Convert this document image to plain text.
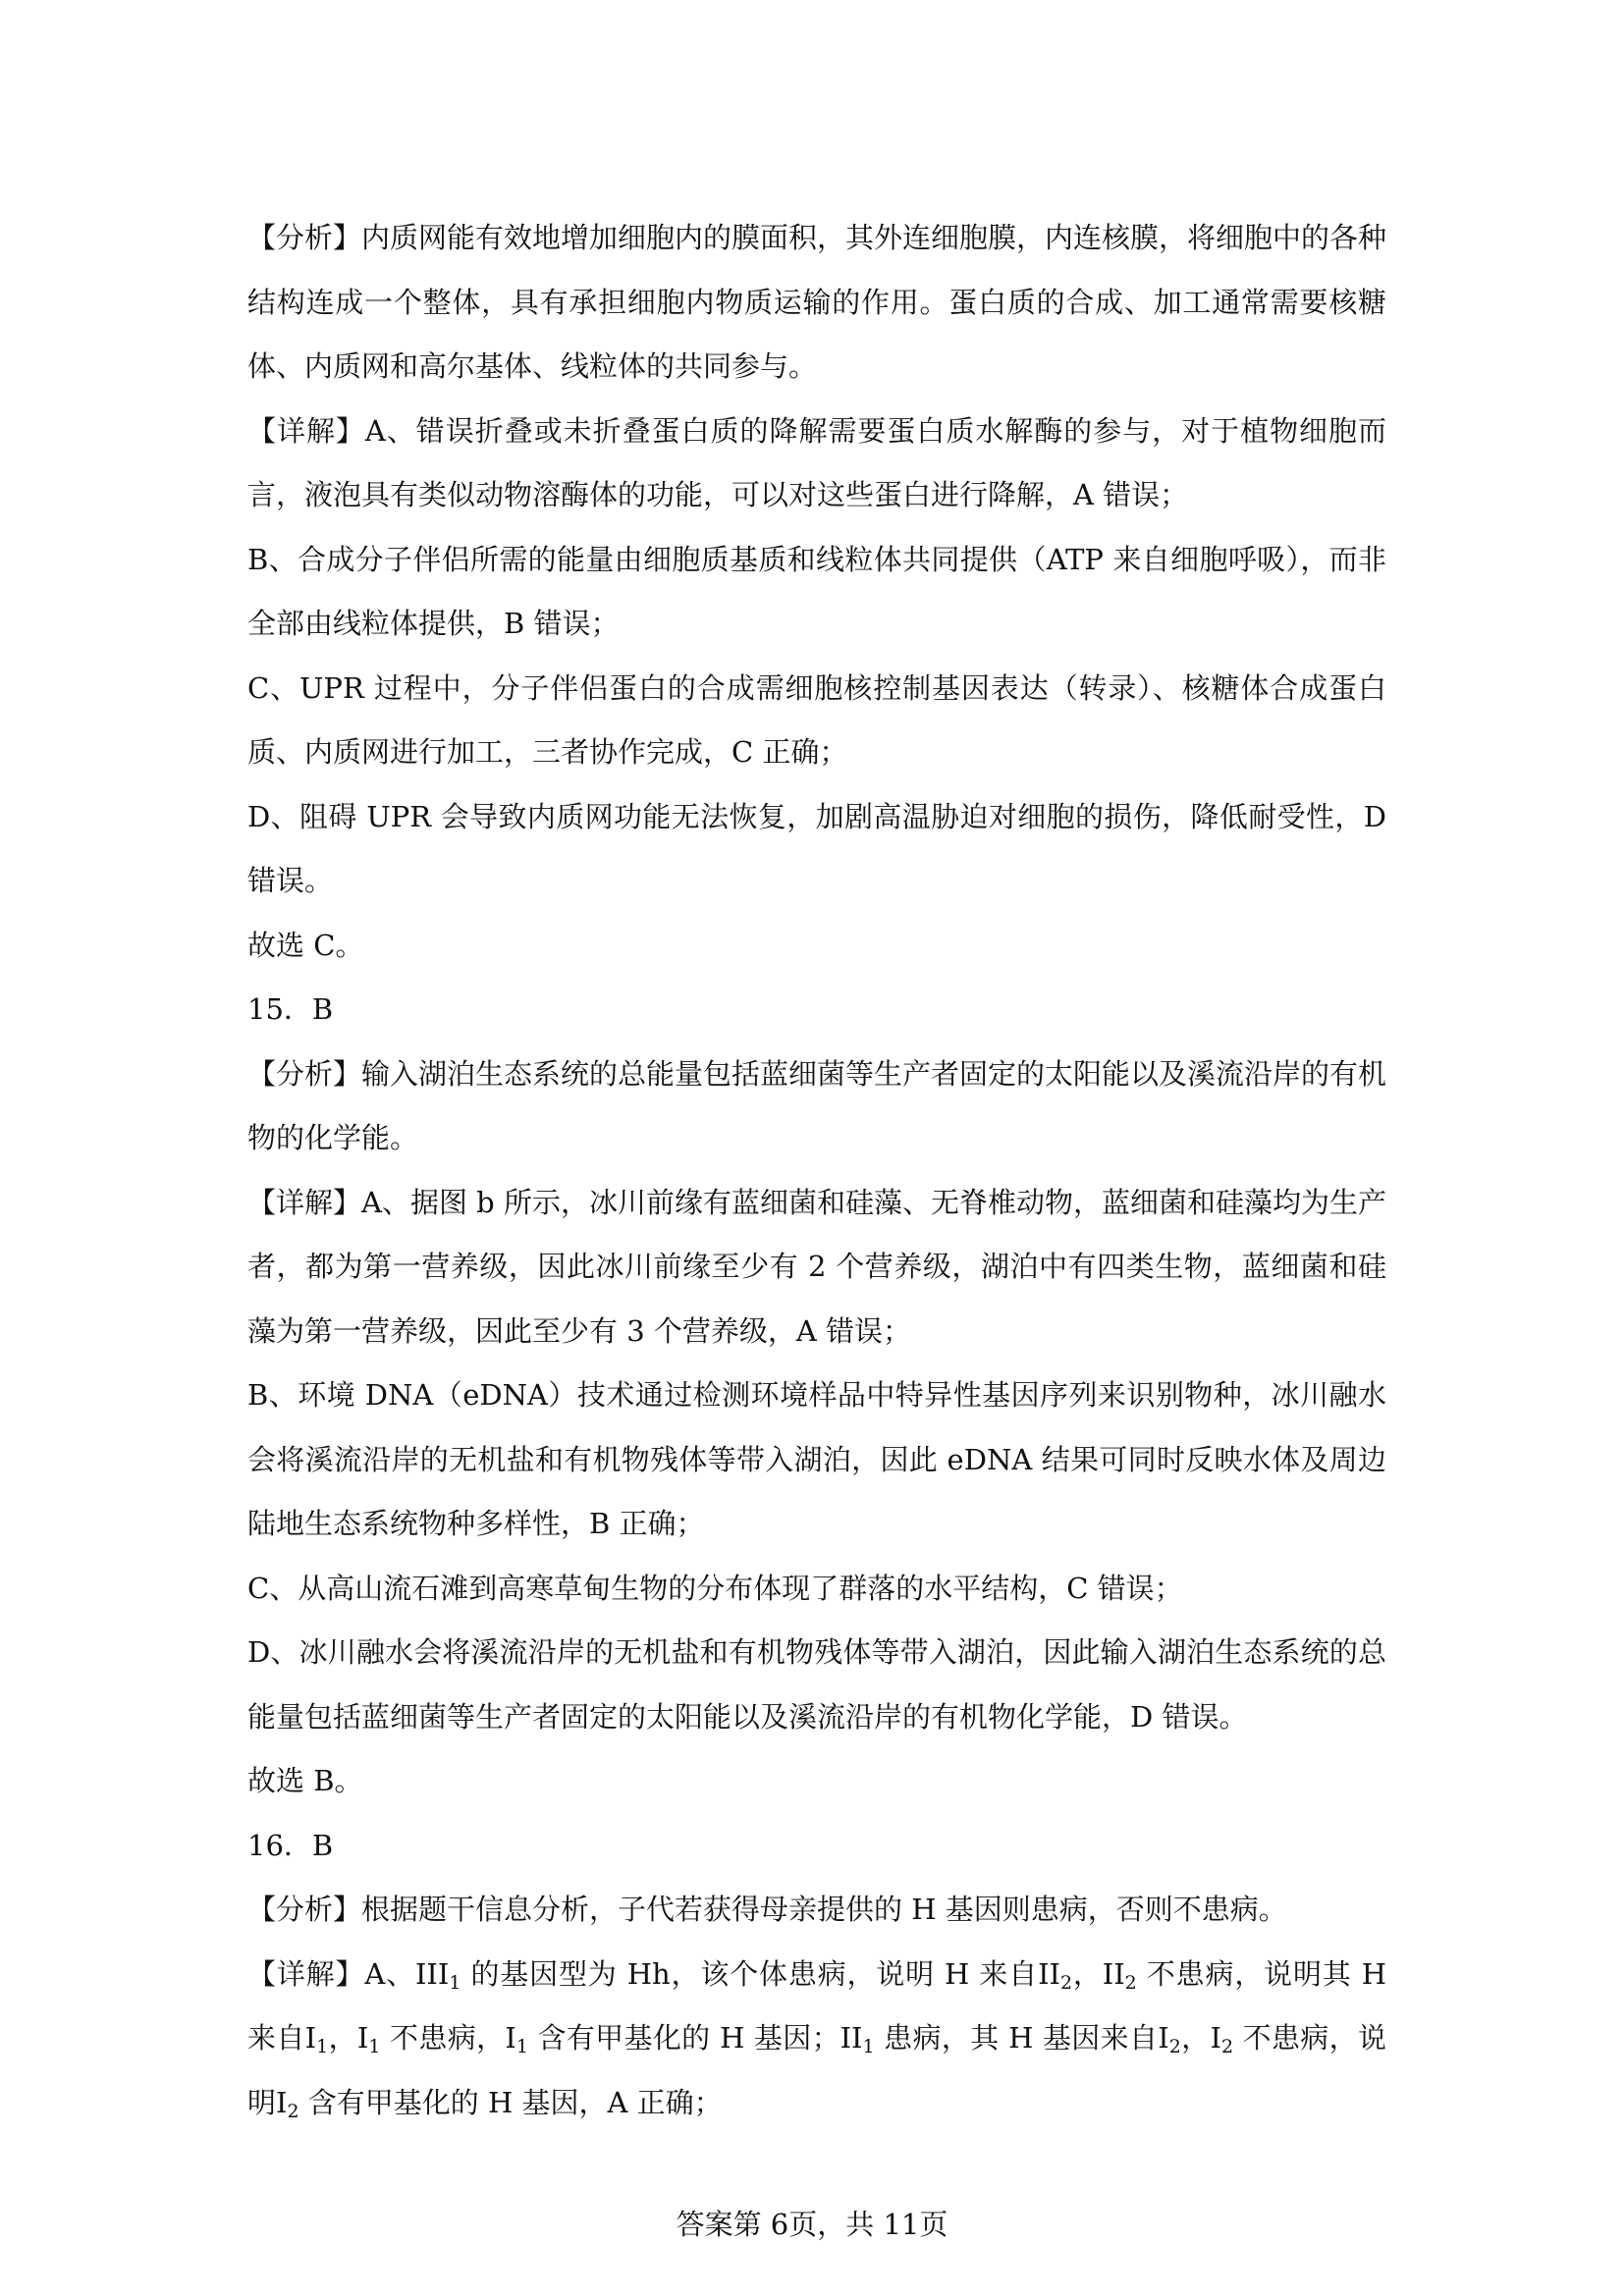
【分析】内质网能有效地增加细胞内的膜面积，其外连细胞膜，内连核膜，将细胞中的各种结构连成一个整体，具有承担细胞内物质运输的作用。蛋白质的合成、加工通常需要核糖体、内质网和高尔基体、线粒体的共同参与。

【详解】A、错误折叠或未折叠蛋白质的降解需要蛋白质水解酶的参与，对于植物细胞而言，液泡具有类似动物溶酶体的功能，可以对这些蛋白进行降解，A 错误；

B、合成分子伴侣所需的能量由细胞质基质和线粒体共同提供（ATP 来自细胞呼吸），而非全部由线粒体提供，B 错误；

C、UPR 过程中，分子伴侣蛋白的合成需细胞核控制基因表达（转录）、核糖体合成蛋白质、内质网进行加工，三者协作完成，C 正确；

D、阻碍 UPR 会导致内质网功能无法恢复，加剧高温胁迫对细胞的损伤，降低耐受性，D 错误。

故选 C。

15．B

【分析】输入湖泊生态系统的总能量包括蓝细菌等生产者固定的太阳能以及溪流沿岸的有机物的化学能。

【详解】A、据图 b 所示，冰川前缘有蓝细菌和硅藻、无脊椎动物，蓝细菌和硅藻均为生产者，都为第一营养级，因此冰川前缘至少有 2 个营养级，湖泊中有四类生物，蓝细菌和硅藻为第一营养级，因此至少有 3 个营养级，A 错误；

B、环境 DNA（eDNA）技术通过检测环境样品中特异性基因序列来识别物种，冰川融水会将溪流沿岸的无机盐和有机物残体等带入湖泊，因此 eDNA 结果可同时反映水体及周边陆地生态系统物种多样性，B 正确；

C、从高山流石滩到高寒草甸生物的分布体现了群落的水平结构，C 错误；

D、冰川融水会将溪流沿岸的无机盐和有机物残体等带入湖泊，因此输入湖泊生态系统的总能量包括蓝细菌等生产者固定的太阳能以及溪流沿岸的有机物化学能，D 错误。

故选 B。

16．B

【分析】根据题干信息分析，子代若获得母亲提供的 H 基因则患病，否则不患病。

【详解】A、$III_1$ 的基因型为 Hh，该个体患病，说明 H 来自$II_2$，$II_2$ 不患病，说明其 H 来自$I_1$，$I_1$ 不患病，$I_1$ 含有甲基化的 H 基因；$II_1$ 患病，其 H 基因来自$I_2$，$I_2$ 不患病，说明$I_2$ 含有甲基化的 H 基因，A 正确；

答案第 6页，共 11页
